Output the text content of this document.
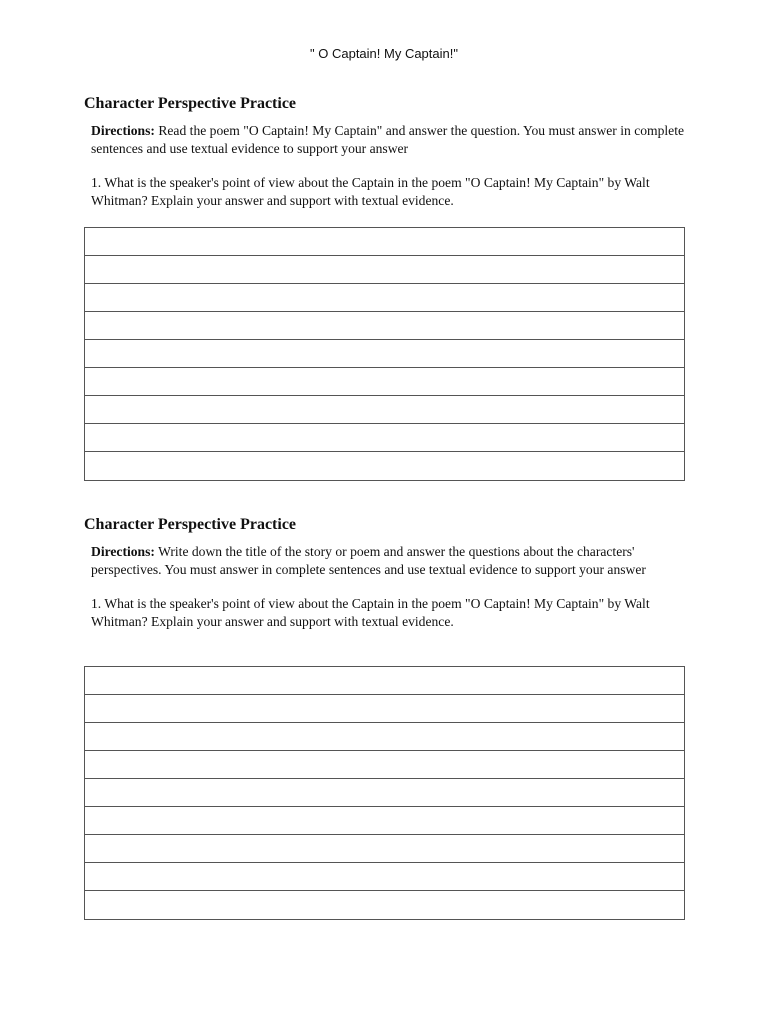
" O Captain! My Captain!"
Character Perspective Practice

Directions: Read the poem "O Captain! My Captain" and answer the question. You must answer in complete sentences and use textual evidence to support your answer

1. What is the speaker's point of view about the Captain in the poem "O Captain! My Captain" by Walt Whitman? Explain your answer and support with textual evidence.

Character Perspective Practice

Directions: Write down the title of the story or poem and answer the questions about the characters' perspectives. You must answer in complete sentences and use textual evidence to support your answer

1. What is the speaker's point of view about the Captain in the poem "O Captain! My Captain" by Walt Whitman? Explain your answer and support with textual evidence.
